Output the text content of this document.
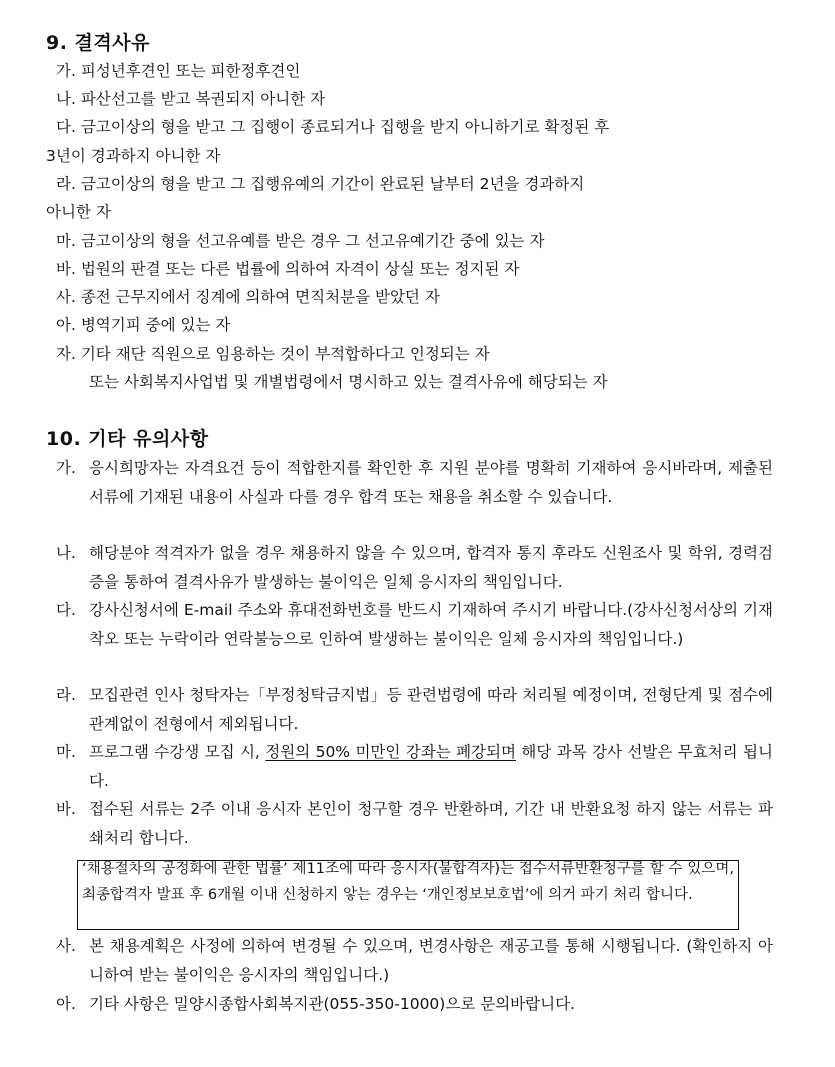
9. 결격사유
가. 피성년후견인 또는 피한정후견인
나. 파산선고를 받고 복권되지 아니한 자
다. 금고이상의 형을 받고 그 집행이 종료되거나 집행을 받지 아니하기로 확정된 후
3년이 경과하지 아니한 자
라. 금고이상의 형을 받고 그 집행유예의 기간이 완료된 날부터 2년을 경과하지
아니한 자
마. 금고이상의 형을 선고유예를 받은 경우 그 선고유예기간 중에 있는 자
바. 법원의 판결 또는 다른 법률에 의하여 자격이 상실 또는 정지된 자
사. 종전 근무지에서 징계에 의하여 면직처분을 받았던 자
아. 병역기피 중에 있는 자
자. 기타 재단 직원으로 임용하는 것이 부적합하다고 인정되는 자
또는 사회복지사업법 및 개별법령에서 명시하고 있는 결격사유에 해당되는 자
10. 기타 유의사항
가. 응시희망자는 자격요건 등이 적합한지를 확인한 후 지원 분야를 명확히 기재하여 응시바라며, 제출된 서류에 기재된 내용이 사실과 다를 경우 합격 또는 채용을 취소할 수 있습니다.
나. 해당분야 적격자가 없을 경우 채용하지 않을 수 있으며, 합격자 통지 후라도 신원조사 및 학위, 경력검증을 통하여 결격사유가 발생하는 불이익은 일체 응시자의 책임입니다.
다. 강사신청서에 E-mail 주소와 휴대전화번호를 반드시 기재하여 주시기 바랍니다.(강사신청서상의 기재착오 또는 누락이라 연락불능으로 인하여 발생하는 불이익은 일체 응시자의 책임입니다.)
라. 모집관련 인사 청탁자는「부정청탁금지법」등 관련법령에 따라 처리될 예정이며, 전형단계 및 점수에 관계없이 전형에서 제외됩니다.
마. 프로그램 수강생 모집 시, 정원의 50% 미만인 강좌는 폐강되며 해당 과목 강사 선발은 무효처리 됩니다.
바. 접수된 서류는 2주 이내 응시자 본인이 청구할 경우 반환하며, 기간 내 반환요청 하지 않는 서류는 파쇄처리 합니다.
‘채용절차의 공정화에 관한 법률’ 제11조에 따라 응시자(불합격자)는 접수서류반환청구를 할 수 있으며, 최종합격자 발표 후 6개월 이내 신청하지 앟는 경우는 ‘개인정보보호법’에 의거 파기 처리 합니다.
사. 본 채용계획은 사정에 의하여 변경될 수 있으며, 변경사항은 재공고를 통해 시행됩니다. (확인하지 아니하여 받는 불이익은 응시자의 책임입니다.)
아. 기타 사항은 밀양시종합사회복지관(055-350-1000)으로 문의바랍니다.
